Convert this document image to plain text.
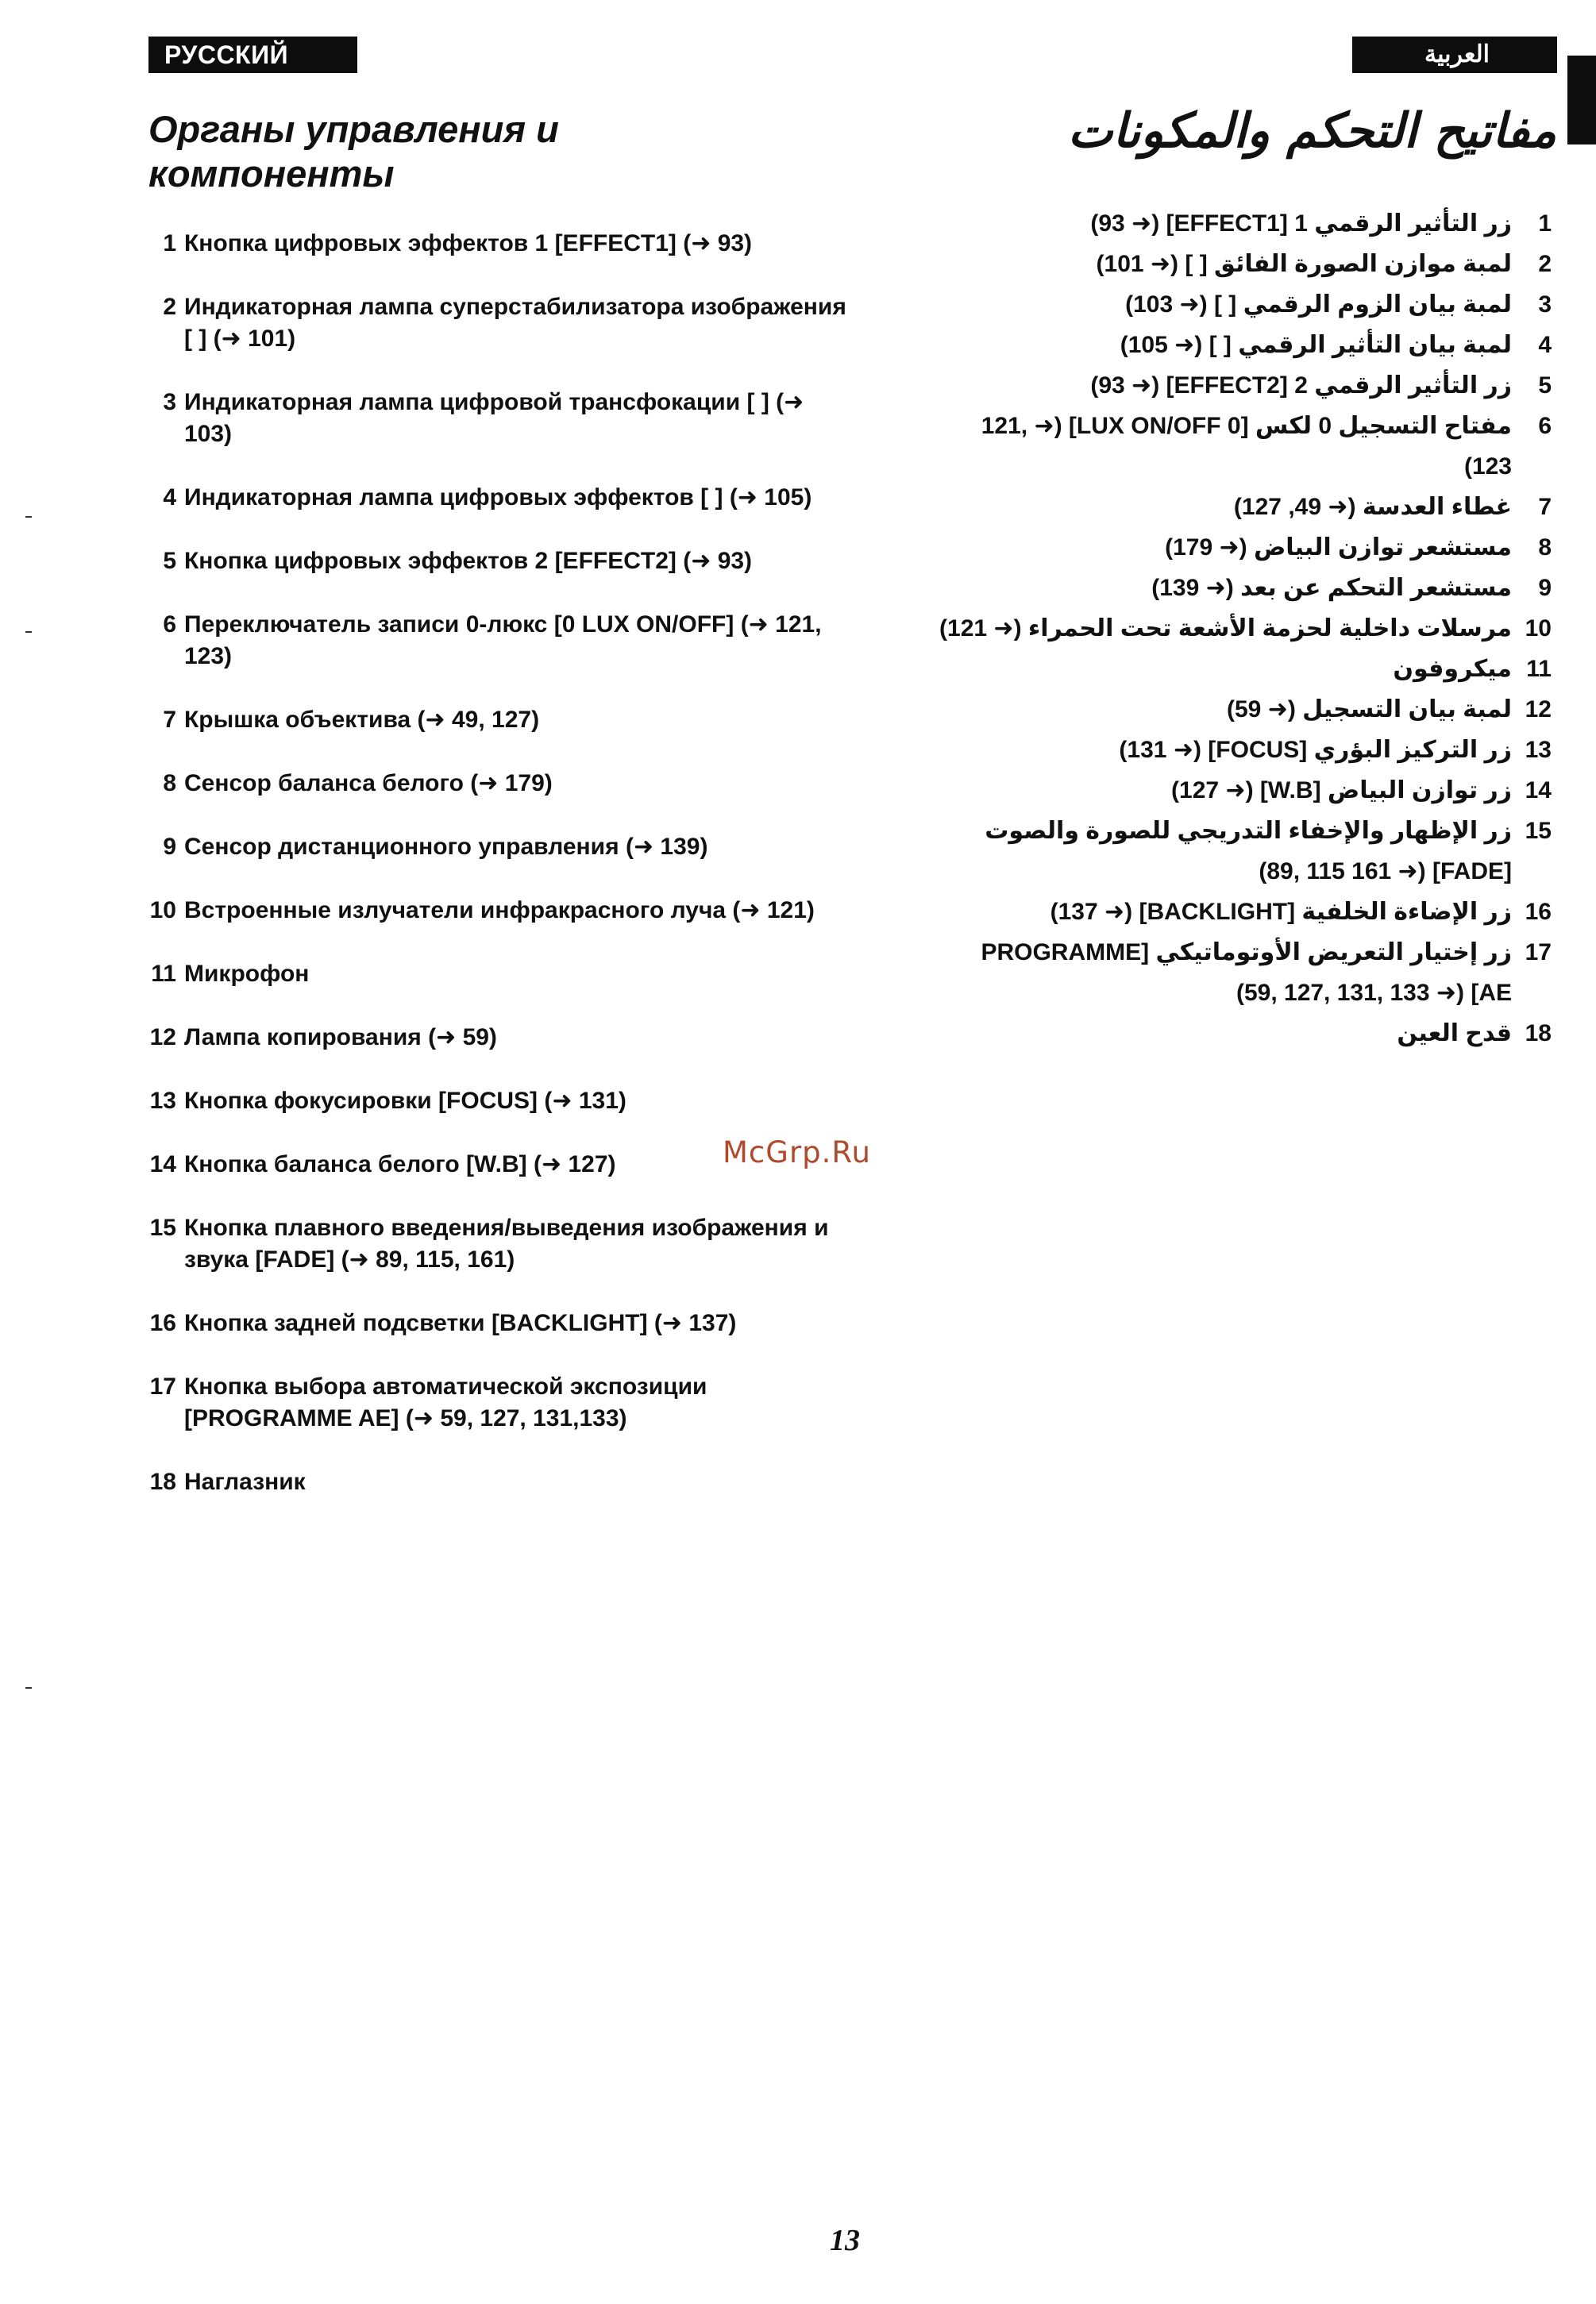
РУССКИЙ ЯЗЫК
العربية
Органы управления и компоненты
مفاتيح التحكم والمكونات
1 Кнопка цифровых эффектов 1 [EFFECT1] (➜ 93)
2 Индикаторная лампа суперстабилизатора изображения [ ] (➜ 101)
3 Индикаторная лампа цифровой трансфокации [ ] (➜ 103)
4 Индикаторная лампа цифровых эффектов [ ] (➜ 105)
5 Кнопка цифровых эффектов 2 [EFFECT2] (➜ 93)
6 Переключатель записи 0-люкс [0 LUX ON/OFF] (➜ 121, 123)
7 Крышка объектива (➜ 49, 127)
8 Сенсор баланса белого (➜ 179)
9 Сенсор дистанционного управления (➜ 139)
10 Встроенные излучатели инфракрасного луча (➜ 121)
11 Микрофон
12 Лампа копирования (➜ 59)
13 Кнопка фокусировки [FOCUS] (➜ 131)
14 Кнопка баланса белого [W.B] (➜ 127)
15 Кнопка плавного введения/выведения изображения и звука [FADE] (➜ 89, 115, 161)
16 Кнопка задней подсветки [BACKLIGHT] (➜ 137)
17 Кнопка выбора автоматической экспозиции [PROGRAMME AE] (➜ 59, 127, 131,133)
18 Наглазник
1
زر التأثير الرقمي 1 [EFFECT1] (➜ 93)
2
لمبة موازن الصورة الفائق [ ] (➜ 101)
3
لمبة بيان الزوم الرقمي [ ] (➜ 103)
4
لمبة بيان التأثير الرقمي [ ] (➜ 105)
5
زر التأثير الرقمي 2 [EFFECT2] (➜ 93)
6
مفتاح التسجيل 0 لكس [0 LUX ON/OFF] (➜ 121, 123)
7
غطاء العدسة (➜ 49, 127)
8
مستشعر توازن البياض (➜ 179)
9
مستشعر التحكم عن بعد (➜ 139)
10
مرسلات داخلية لحزمة الأشعة تحت الحمراء (➜ 121)
11
ميكروفون
12
لمبة بيان التسجيل (➜ 59)
13
زر التركيز البؤري [FOCUS] (➜ 131)
14
زر توازن البياض [W.B] (➜ 127)
15
زر الإظهار والإخفاء التدريجي للصورة والصوت [FADE] (➜ 89, 115 161)
16
زر الإضاءة الخلفية [BACKLIGHT] (➜ 137)
17
زر إختيار التعريض الأوتوماتيكي [PROGRAMME AE] (➜ 59, 127, 131, 133)
18
قدح العين
McGrp.Ru
13
